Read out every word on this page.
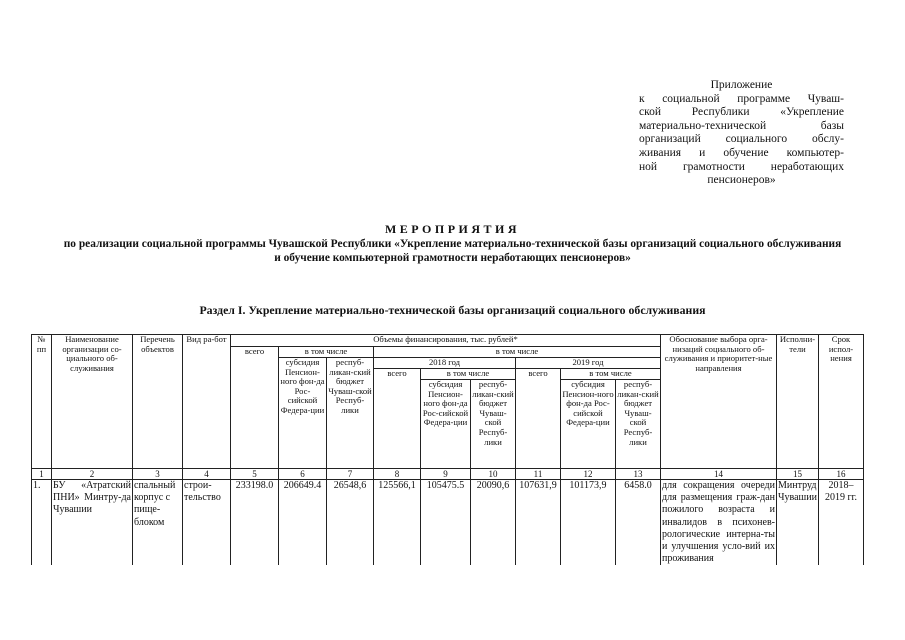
Приложение
к социальной программе Чуваш-
ской Республики «Укрепление
материально-технической базы
организаций социального обслу-
живания и обучение компьютер-
ной грамотности неработающих
пенсионеров»
МЕРОПРИЯТИЯ
по реализации социальной программы Чувашской Республики «Укрепление материально-технической базы организаций социального обслуживания и обучение компьютерной грамотности неработающих пенсионеров»
Раздел I. Укрепление материально-технической базы организаций социального обслуживания
№ пп	Наименование организации со-циального об-служивания	Перечень объектов	Вид ра-бот	Объемы финансирования, тыс. рублей*									Обоснование выбора орга-низаций социального об-служивания и приоритет-ные направления	Исполни-тели	Срок испол-нения
				всего	в том числе		в том числе								
					субсидия Пенсион-ного фон-да Рос-сийской Федера-ции	респуб-ликан-ский бюджет Чуваш-ской Респуб-лики	2018 год			2019 год					
							всего	в том числе		всего	в том числе				
								субсидия Пенсион-ного фон-да Рос-сийской Федера-ции	респуб-ликан-ский бюджет Чуваш-ской Респуб-лики		субсидия Пенсион-ного фон-да Рос-сийской Федера-ции	респуб-ликан-ский бюджет Чуваш-ской Респуб-лики			
1	2	3	4	5	6	7	8	9	10	11	12	13	14	15	16
1.	БУ «Атратский ПНИ» Минтру-да Чувашии	спальный корпус с пище-блоком	строи-тельство	233198.0	206649.4	26548,6	125566,1	105475.5	20090,6	107631,9	101173,9	6458.0	для сокращения очереди для размещения граж-дан пожилого возраста и инвалидов в психонев-рологические интерна-ты и улучшения усло-вий их проживания	Минтруд Чувашии	2018–2019 гг.
